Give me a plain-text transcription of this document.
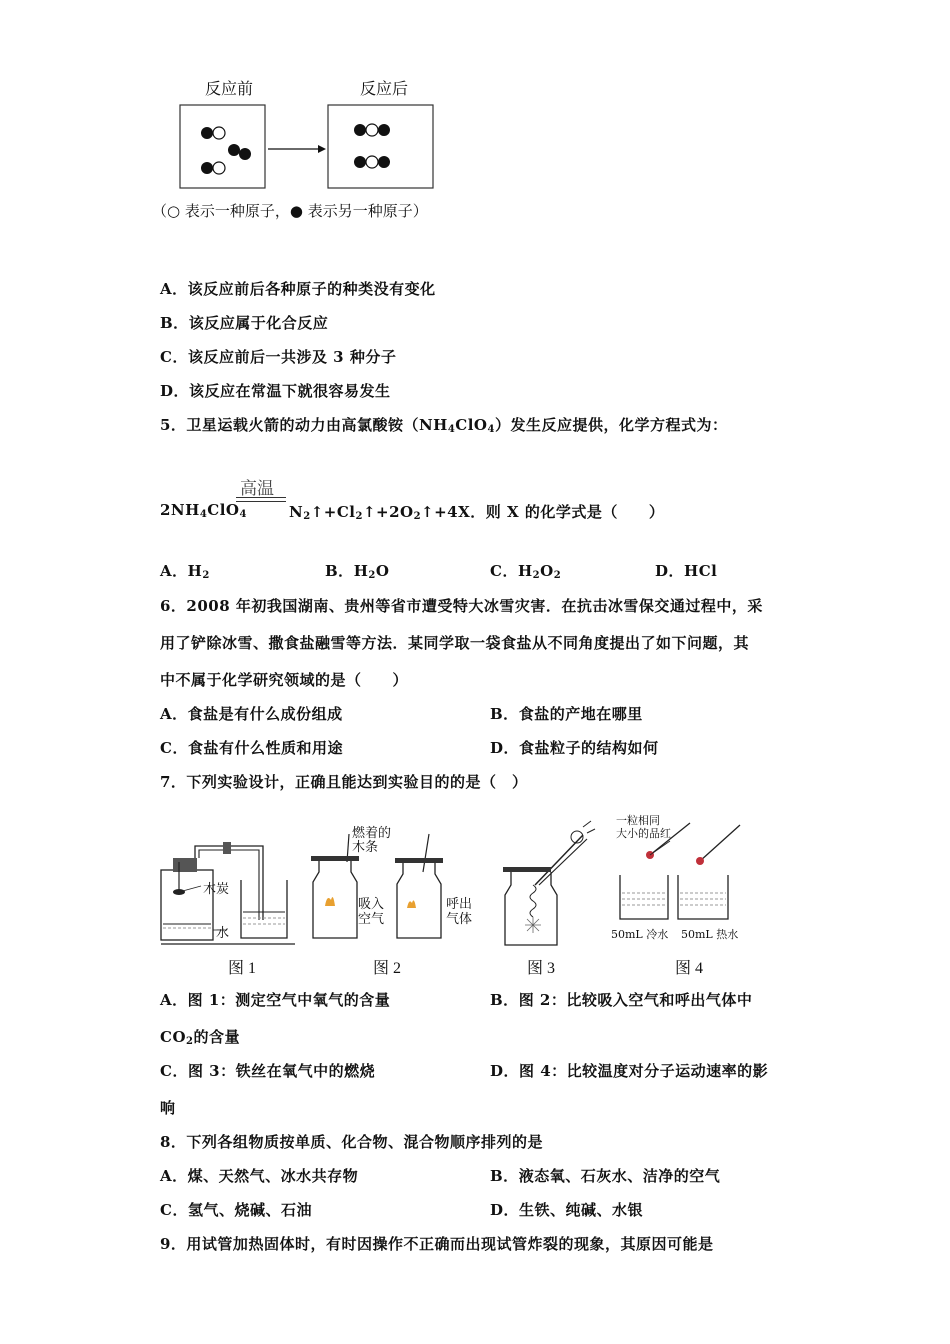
反应前	反应后
（○ 表示一种原子，● 表示另一种原子）
A．该反应前后各种原子的种类没有变化
B．该反应属于化合反应
C．该反应前后一共涉及 3 种分子
D．该反应在常温下就很容易发生
5．卫星运载火箭的动力由高氯酸铵$(NH_4ClO_4)$发生反应提供，化学方程式为：
高温
$2NH_4ClO_4$	$N_2↑+Cl_2↑+2O_2↑+4X$．则 X 的化学式是（　　）
A．$H_2$	B．$H_2O$	C．$H_2O_2$	D．HCl
6．2008 年初我国湖南、贵州等省市遭受特大冰雪灾害．在抗击冰雪保交通过程中，采
用了铲除冰雪、撒食盐融雪等方法．某同学取一袋食盐从不同角度提出了如下问题，其
中不属于化学研究领域的是（　　）
A．食盐是有什么成份组成	B．食盐的产地在哪里
C．食盐有什么性质和用途	D．食盐粒子的结构如何
7．下列实验设计，正确且能达到实验目的的是（　）
木炭
水
燃着的
木条
吸入
空气
呼出
气体
一粒相同
大小的品红
50mL 冷水 50mL 热水
图 1	图 2	图 3	图 4
A．图 1：测定空气中氧气的含量	B．图 2：比较吸入空气和呼出气体中
$CO_2$的含量
C．图 3：铁丝在氧气中的燃烧	D．图 4：比较温度对分子运动速率的影
响
8．下列各组物质按单质、化合物、混合物顺序排列的是
A．煤、天然气、冰水共存物	B．液态氧、石灰水、洁净的空气
C．氢气、烧碱、石油	D．生铁、纯碱、水银
9．用试管加热固体时，有时因操作不正确而出现试管炸裂的现象，其原因可能是
